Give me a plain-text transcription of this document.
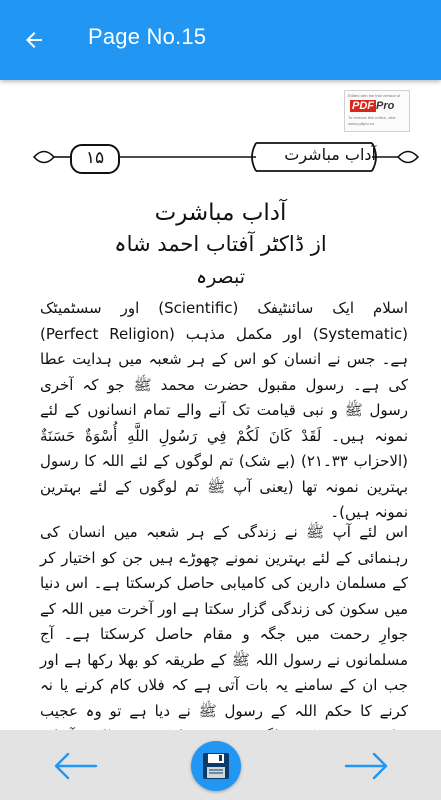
Page No.15
Edited with the trial version of
PDF Pro
To remove this notice, visit:
www.pdfpro.co
۱۵	آداب مباشرت
آداب مباشرت
از ڈاکٹر آفتاب احمد شاہ
تبصرہ
اسلام ایک سائنٹیفک (Scientific) اور سسٹمیٹک (Systematic) اور مکمل مذہب (Perfect Religion) ہے۔ جس نے انسان کو اس کے ہر شعبہ میں ہدایت عطا کی ہے۔ رسول مقبول حضرت محمد ﷺ جو کہ آخری رسول ﷺ و نبی قیامت تک آنے والے تمام انسانوں کے لئے نمونہ ہیں۔ لَقَدْ كَانَ لَكُمْ فِي رَسُولِ اللَّهِ أُسْوَةٌ حَسَنَةٌ (الاحزاب ۳۳۔۲۱) (بے شک) تم لوگوں کے لئے اللہ کا رسول بہترین نمونہ تھا (یعنی آپ ﷺ تم لوگوں کے لئے بہترین نمونہ ہیں)۔
اس لئے آپ ﷺ نے زندگی کے ہر شعبہ میں انسان کی رہنمائی کے لئے بہترین نمونے چھوڑے ہیں جن کو اختیار کر کے مسلمان دارین کی کامیابی حاصل کرسکتا ہے۔ اس دنیا میں سکون کی زندگی گزار سکتا ہے اور آخرت میں اللہ کے جوارِ رحمت میں جگہ و مقام حاصل کرسکتا ہے۔ آج مسلمانوں نے رسول اللہ ﷺ کے طریقہ کو بھلا رکھا ہے اور جب ان کے سامنے یہ بات آتی ہے کہ فلاں کام کرنے یا نہ کرنے کا حکم اللہ کے رسول ﷺ نے دیا ہے تو وہ عجیب
